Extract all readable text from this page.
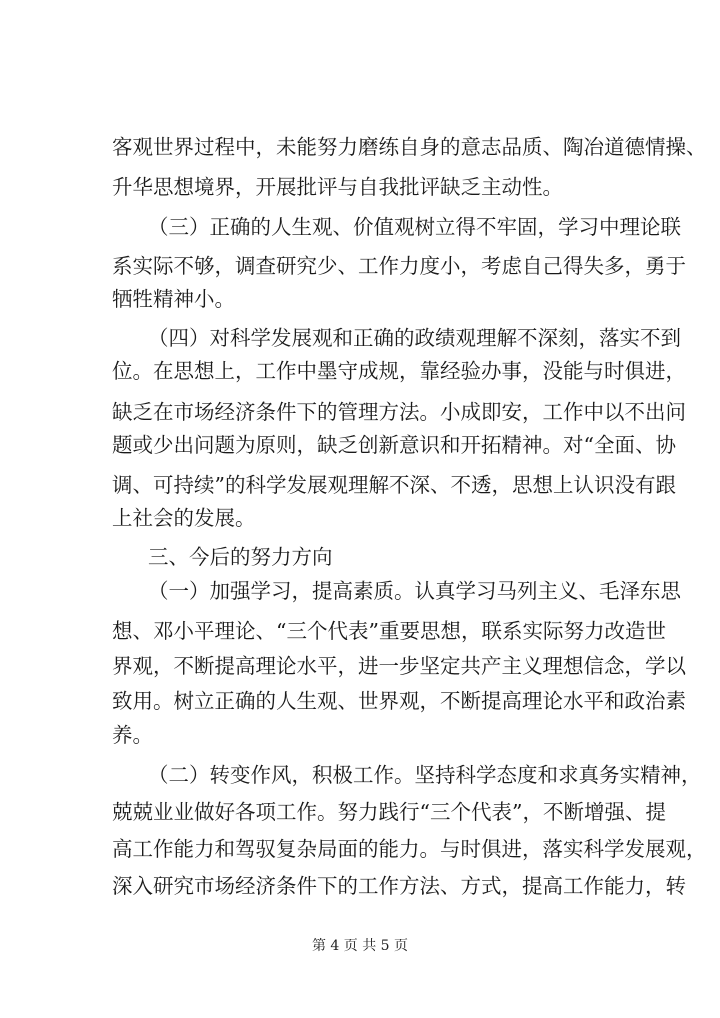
客观世界过程中，未能努力磨练自身的意志品质、陶冶道德情操、
升华思想境界，开展批评与自我批评缺乏主动性。
（三）正确的人生观、价值观树立得不牢固，学习中理论联
系实际不够，调查研究少、工作力度小，考虑自己得失多，勇于
牺牲精神小。
（四）对科学发展观和正确的政绩观理解不深刻，落实不到
位。在思想上，工作中墨守成规，靠经验办事，没能与时俱进，
缺乏在市场经济条件下的管理方法。小成即安，工作中以不出问
题或少出问题为原则，缺乏创新意识和开拓精神。对“全面、协
调、可持续”的科学发展观理解不深、不透，思想上认识没有跟
上社会的发展。
三、今后的努力方向
（一）加强学习，提高素质。认真学习马列主义、毛泽东思
想、邓小平理论、“三个代表”重要思想，联系实际努力改造世
界观，不断提高理论水平，进一步坚定共产主义理想信念，学以
致用。树立正确的人生观、世界观，不断提高理论水平和政治素
养。
（二）转变作风，积极工作。坚持科学态度和求真务实精神，
兢兢业业做好各项工作。努力践行“三个代表”，不断增强、提
高工作能力和驾驭复杂局面的能力。与时俱进，落实科学发展观，
深入研究市场经济条件下的工作方法、方式，提高工作能力，转
第 4 页 共 5 页
